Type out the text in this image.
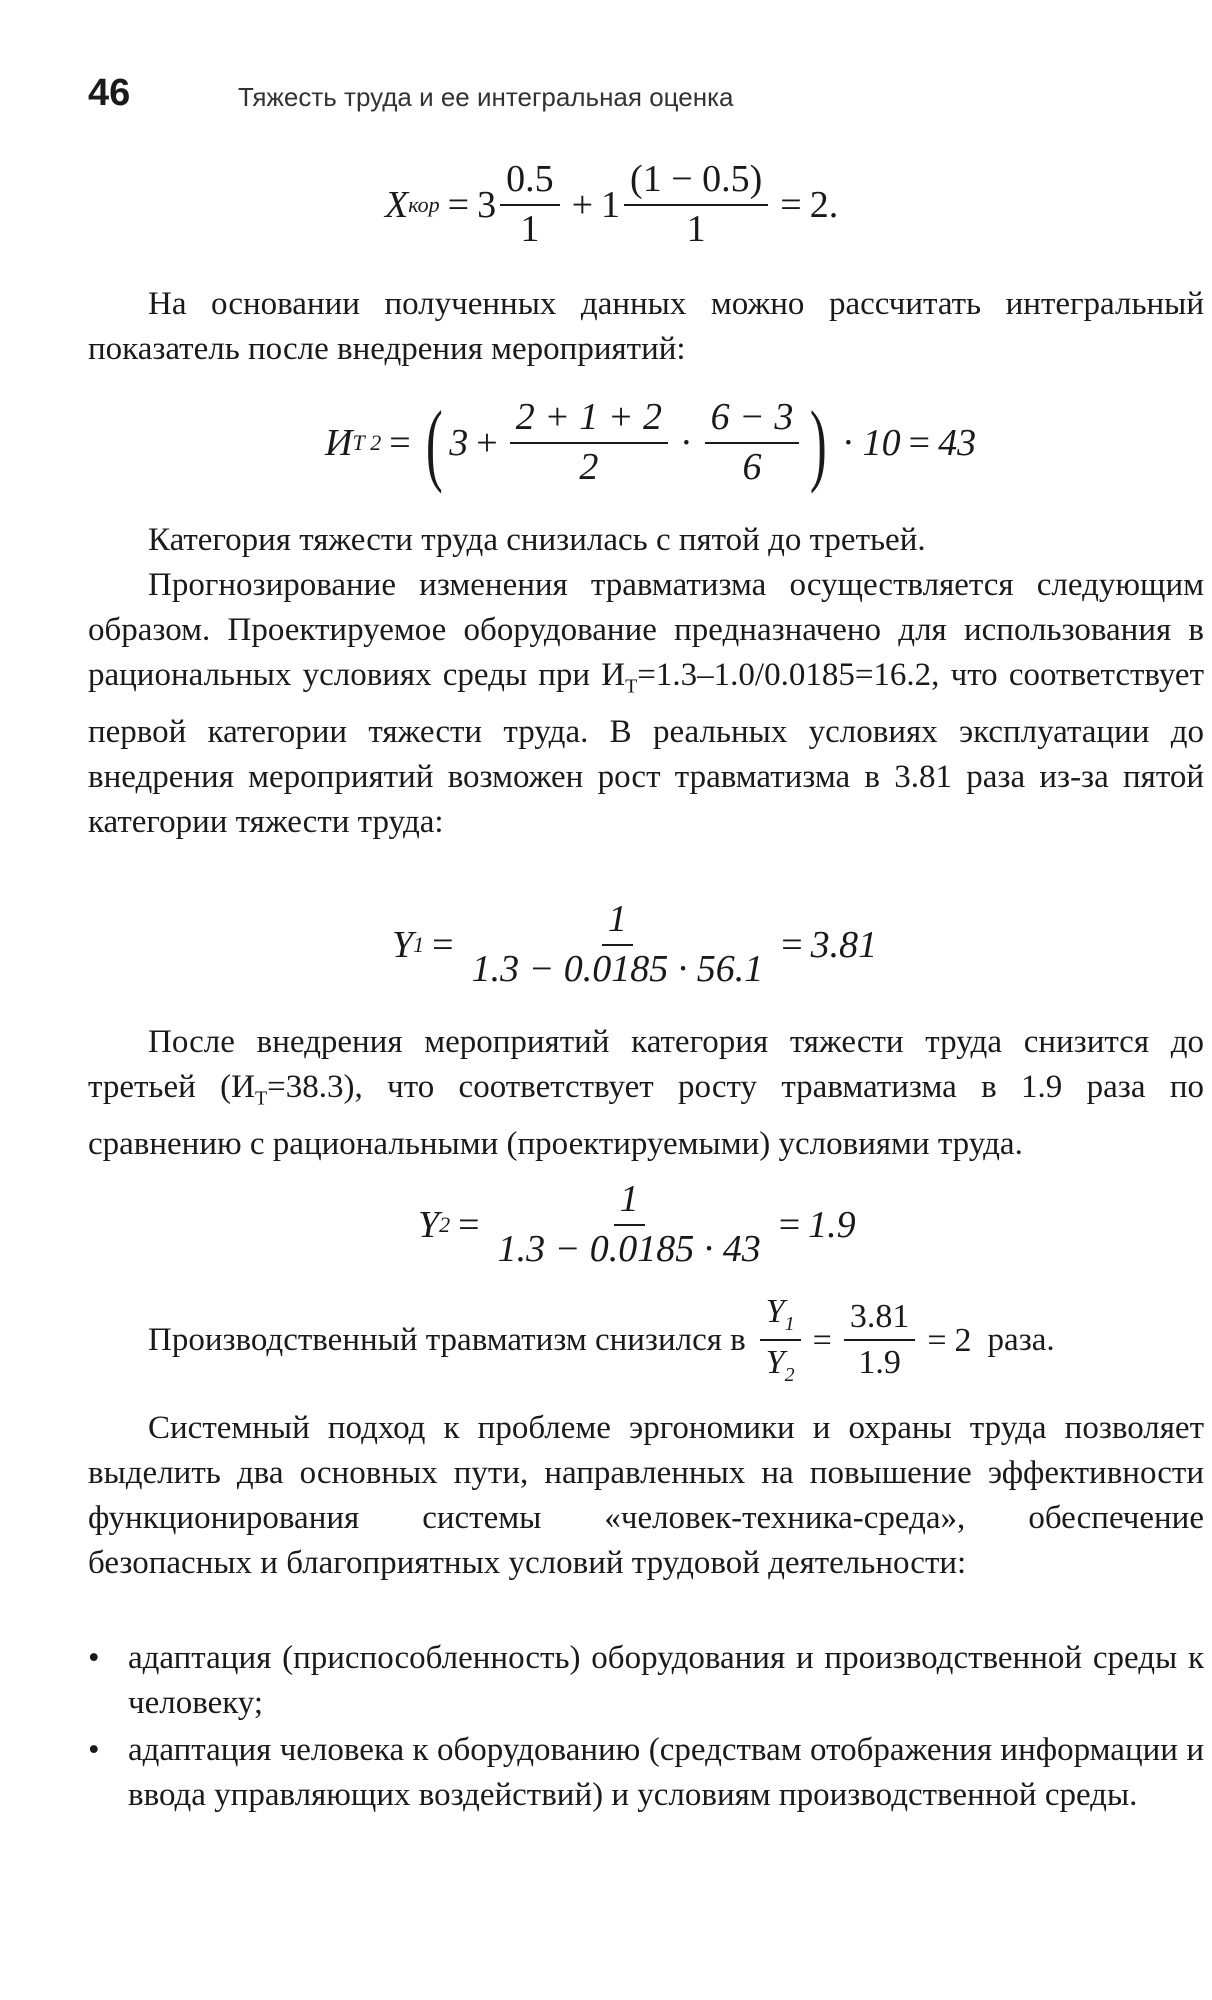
46	Тяжесть труда и ее интегральная оценка
X кор = $3 \frac{0.5}{1} + 1 \frac{(1 - 0.5)}{1} = 2$ .
На основании полученных данных можно рассчитать интегральный показатель после внедрения мероприятий:
И Т 2 = ( $3 + \frac{2 + 1 + 2}{2} \cdot \frac{6 - 3}{6}$ ) · 10 = 43
Категория тяжести труда снизилась с пятой до третьей.
Прогнозирование изменения травматизма осуществляется следующим образом. Проектируемое оборудование предназначено для использования в рациональных условиях среды при $И_Т=1.3-1.0/0.0185=16.2$, что соответствует первой категории тяжести труда. В реальных условиях эксплуатации до внедрения мероприятий возможен рост травматизма в 3.81 раза из-за пятой категории тяжести труда:
Y $1 = \frac{1}{1.3 - 0.0185 \cdot 56.1} = 3.81$
После внедрения мероприятий категория тяжести труда снизится до третьей $(И_Т=38.3)$, что соответствует росту травматизма в 1.9 раза по сравнению с рациональными (проектируемыми) условиями труда.
Y $2 = \frac{1}{1.3 - 0.0185 \cdot 43} = 1.9$
Производственный травматизм снизился в $\frac{Y_1}{Y_2} = \frac{3.81}{1.9} = 2$ раза.
Системный подход к проблеме эргономики и охраны труда позволяет выделить два основных пути, направленных на повышение эффективности функционирования системы «человек-техника-среда», обеспечение безопасных и благоприятных условий трудовой деятельности:
• адаптация (приспособленность) оборудования и производственной среды к человеку;
• адаптация человека к оборудованию (средствам отображения информации и ввода управляющих воздействий) и условиям производственной среды.
